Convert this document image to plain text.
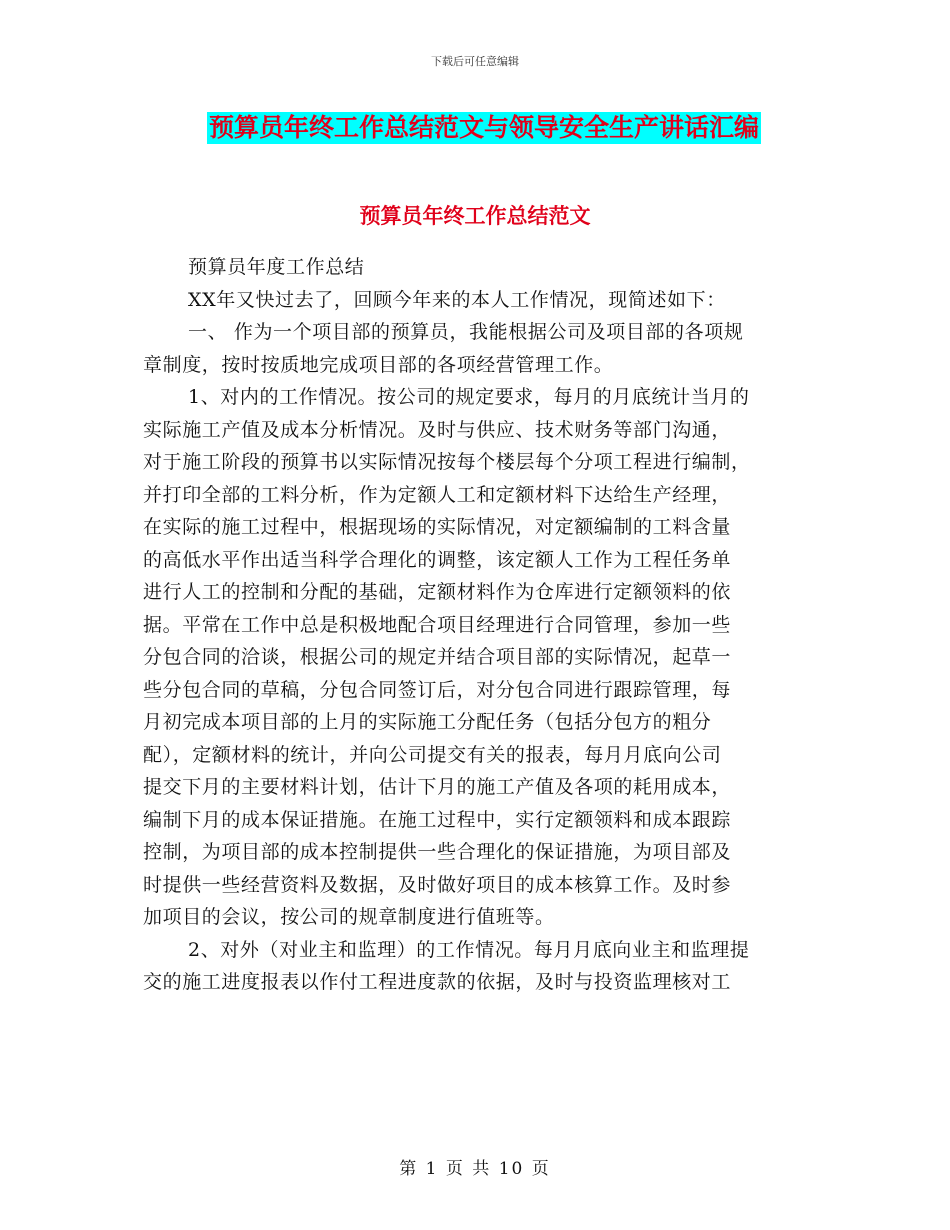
下载后可任意编辑
预算员年终工作总结范文与领导安全生产讲话汇编
预算员年终工作总结范文

预算员年度工作总结

XX年又快过去了，回顾今年来的本人工作情况，现简述如下：

一、 作为一个项目部的预算员，我能根据公司及项目部的各项规
章制度，按时按质地完成项目部的各项经营管理工作。

1、对内的工作情况。按公司的规定要求，每月的月底统计当月的
实际施工产值及成本分析情况。及时与供应、技术财务等部门沟通，
对于施工阶段的预算书以实际情况按每个楼层每个分项工程进行编制，
并打印全部的工料分析，作为定额人工和定额材料下达给生产经理，
在实际的施工过程中，根据现场的实际情况，对定额编制的工料含量
的高低水平作出适当科学合理化的调整，该定额人工作为工程任务单
进行人工的控制和分配的基础，定额材料作为仓库进行定额领料的依
据。平常在工作中总是积极地配合项目经理进行合同管理，参加一些
分包合同的洽谈，根据公司的规定并结合项目部的实际情况，起草一
些分包合同的草稿，分包合同签订后，对分包合同进行跟踪管理，每
月初完成本项目部的上月的实际施工分配任务（包括分包方的粗分
配），定额材料的统计，并向公司提交有关的报表，每月月底向公司
提交下月的主要材料计划，估计下月的施工产值及各项的耗用成本，
编制下月的成本保证措施。在施工过程中，实行定额领料和成本跟踪
控制，为项目部的成本控制提供一些合理化的保证措施，为项目部及
时提供一些经营资料及数据，及时做好项目的成本核算工作。及时参
加项目的会议，按公司的规章制度进行值班等。

2、对外（对业主和监理）的工作情况。每月月底向业主和监理提
交的施工进度报表以作付工程进度款的依据，及时与投资监理核对工

第 1 页 共 10 页
